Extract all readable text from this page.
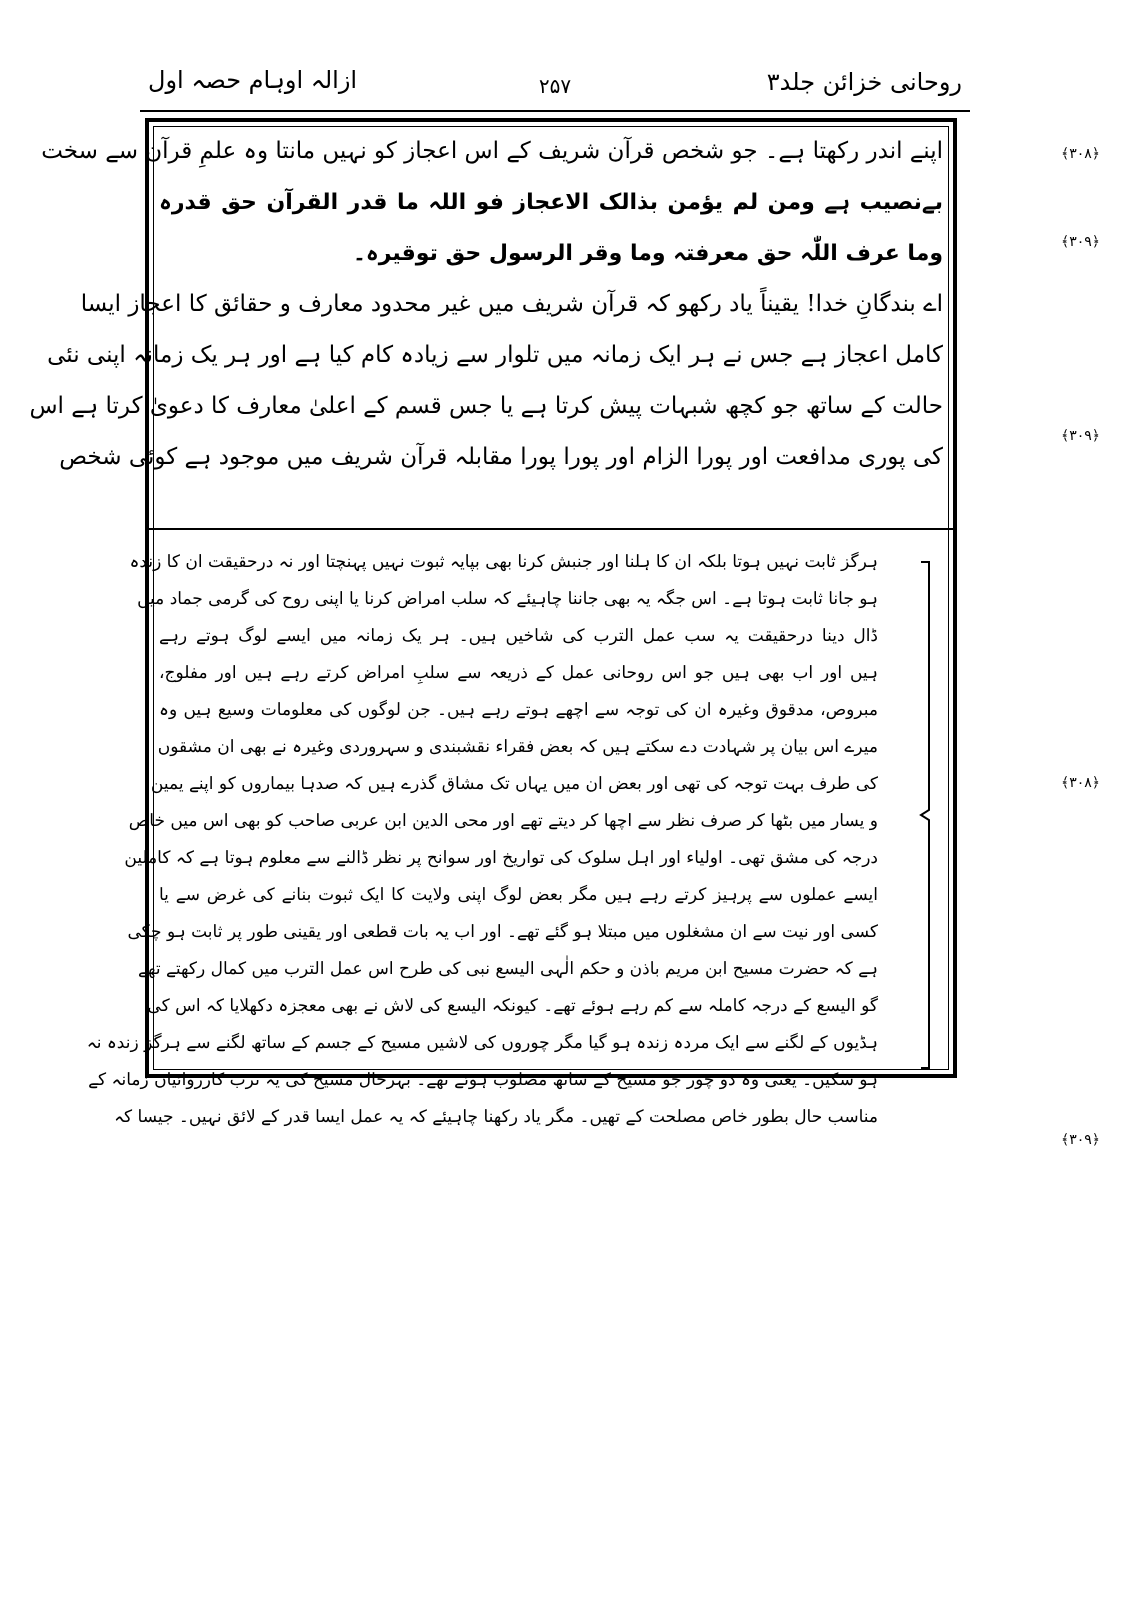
روحانی خزائن جلد۳
۲۵۷
ازالہ اوہام حصہ اول
﴿۳۰۸﴾
﴿۳۰۹﴾
﴿۳۰۹﴾
﴿۳۰۸﴾
﴿۳۰۹﴾
اپنے اندر رکھتا ہے۔ جو شخص قرآن شریف کے اس اعجاز کو نہیں مانتا وہ علمِ قرآن سے سخت
بےنصیب ہے ومن لم یؤمن بذالک الاعجاز فو اللہ ما قدر القرآن حق قدرہ
وما عرف اللّٰہ حق معرفتہ وما وقر الرسول حق توقیرہ۔
اے بندگانِ خدا! یقیناً یاد رکھو کہ قرآن شریف میں غیر محدود معارف و حقائق کا اعجاز ایسا
کامل اعجاز ہے جس نے ہر ایک زمانہ میں تلوار سے زیادہ کام کیا ہے اور ہر یک زمانہ اپنی نئی
حالت کے ساتھ جو کچھ شبہات پیش کرتا ہے یا جس قسم کے اعلیٰ معارف کا دعویٰ کرتا ہے اس
کی پوری مدافعت اور پورا الزام اور پورا پورا مقابلہ قرآن شریف میں موجود ہے کوئی شخص
ہرگز ثابت نہیں ہوتا بلکہ ان کا ہلنا اور جنبش کرنا بھی بپایہ ثبوت نہیں پہنچتا اور نہ درحقیقت ان کا زندہ
ہو جانا ثابت ہوتا ہے۔ اس جگہ یہ بھی جاننا چاہیئے کہ سلب امراض کرنا یا اپنی روح کی گرمی جماد میں
ڈال دینا درحقیقت یہ سب عمل الترب کی شاخیں ہیں۔ ہر یک زمانہ میں ایسے لوگ ہوتے رہے
ہیں اور اب بھی ہیں جو اس روحانی عمل کے ذریعہ سے سلبِ امراض کرتے رہے ہیں اور مفلوج،
مبروص، مدقوق وغیرہ ان کی توجہ سے اچھے ہوتے رہے ہیں۔ جن لوگوں کی معلومات وسیع ہیں وہ
میرے اس بیان پر شہادت دے سکتے ہیں کہ بعض فقراء نقشبندی و سہروردی وغیرہ نے بھی ان مشقوں
کی طرف بہت توجہ کی تھی اور بعض ان میں یہاں تک مشاق گذرے ہیں کہ صدہا بیماروں کو اپنے یمین
و یسار میں بٹھا کر صرف نظر سے اچھا کر دیتے تھے اور محی الدین ابن عربی صاحب کو بھی اس میں خاص
درجہ کی مشق تھی۔ اولیاء اور اہل سلوک کی تواریخ اور سوانح پر نظر ڈالنے سے معلوم ہوتا ہے کہ کاملین
ایسے عملوں سے پرہیز کرتے رہے ہیں مگر بعض لوگ اپنی ولایت کا ایک ثبوت بنانے کی غرض سے یا
کسی اور نیت سے ان مشغلوں میں مبتلا ہو گئے تھے۔ اور اب یہ بات قطعی اور یقینی طور پر ثابت ہو چکی
ہے کہ حضرت مسیح ابن مریم باذن و حکم الٰہی الیسع نبی کی طرح اس عمل الترب میں کمال رکھتے تھے
گو الیسع کے درجہ کاملہ سے کم رہے ہوئے تھے۔ کیونکہ الیسع کی لاش نے بھی معجزہ دکھلایا کہ اس کی
ہڈیوں کے لگنے سے ایک مردہ زندہ ہو گیا مگر چوروں کی لاشیں مسیح کے جسم کے ساتھ لگنے سے ہرگز زندہ نہ
ہو سکیں۔ یعنی وہ دو چور جو مسیح کے ساتھ مصلوب ہوئے تھے۔ بہرحال مسیح کی یہ ترب کارروائیاں زمانہ کے
مناسب حال بطور خاص مصلحت کے تھیں۔ مگر یاد رکھنا چاہیئے کہ یہ عمل ایسا قدر کے لائق نہیں۔ جیسا کہ
